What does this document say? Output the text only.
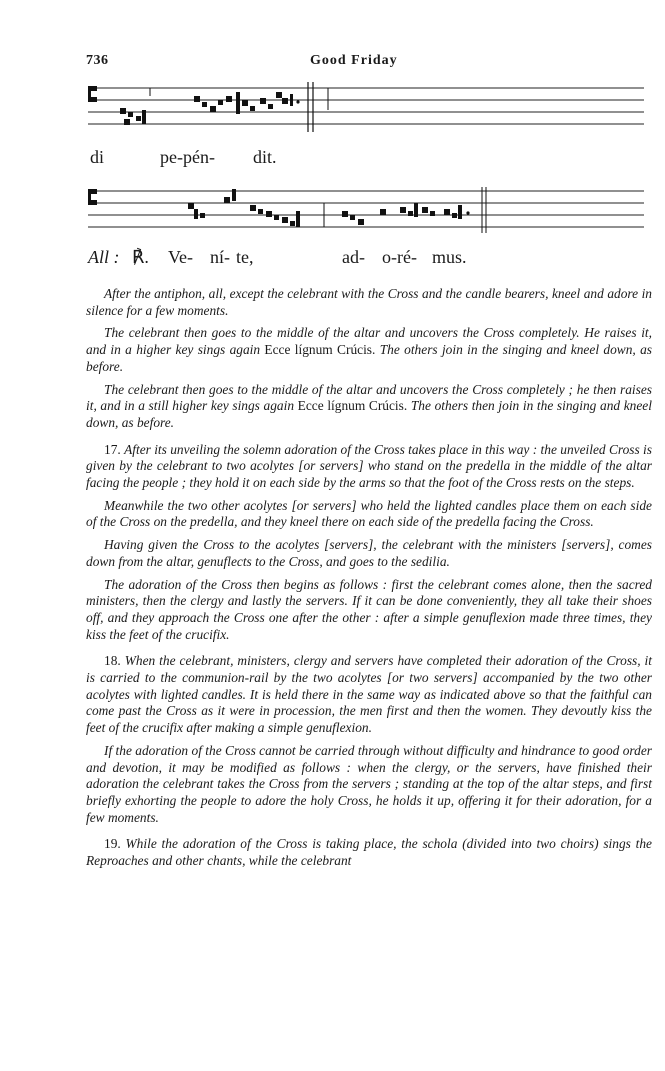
736	Good Friday
di	pe-pén- dit.
All : ℟. Ve- ní- te,	ad- o-ré- mus.

After the antiphon, all, except the celebrant with the Cross and the candle bearers, kneel and adore in silence for a few moments.

The celebrant then goes to the middle of the altar and uncovers the Cross completely. He raises it, and in a higher key sings again Ecce lígnum Crúcis. The others join in the singing and kneel down, as before.

The celebrant then goes to the middle of the altar and uncovers the Cross completely ; he then raises it, and in a still higher key sings again Ecce lígnum Crúcis. The others then join in the singing and kneel down, as before.

17. After its unveiling the solemn adoration of the Cross takes place in this way : the unveiled Cross is given by the celebrant to two acolytes [or servers] who stand on the predella in the middle of the altar facing the people ; they hold it on each side by the arms so that the foot of the Cross rests on the steps.

Meanwhile the two other acolytes [or servers] who held the lighted candles place them on each side of the Cross on the predella, and they kneel there on each side of the predella facing the Cross.

Having given the Cross to the acolytes [servers], the celebrant with the ministers [servers], comes down from the altar, genuflects to the Cross, and goes to the sedilia.

The adoration of the Cross then begins as follows : first the celebrant comes alone, then the sacred ministers, then the clergy and lastly the servers. If it can be done conveniently, they all take their shoes off, and they approach the Cross one after the other : after a simple genuflexion made three times, they kiss the feet of the crucifix.

18. When the celebrant, ministers, clergy and servers have completed their adoration of the Cross, it is carried to the communion-rail by the two acolytes [or two servers] accompanied by the two other acolytes with lighted candles. It is held there in the same way as indicated above so that the faithful can come past the Cross as it were in procession, the men first and then the women. They devoutly kiss the feet of the crucifix after making a simple genuflexion.

If the adoration of the Cross cannot be carried through without difficulty and hindrance to good order and devotion, it may be modified as follows : when the clergy, or the servers, have finished their adoration the celebrant takes the Cross from the servers ; standing at the top of the altar steps, and first briefly exhorting the people to adore the holy Cross, he holds it up, offering it for their adoration, for a few moments.

19. While the adoration of the Cross is taking place, the schola (divided into two choirs) sings the Reproaches and other chants, while the celebrant
